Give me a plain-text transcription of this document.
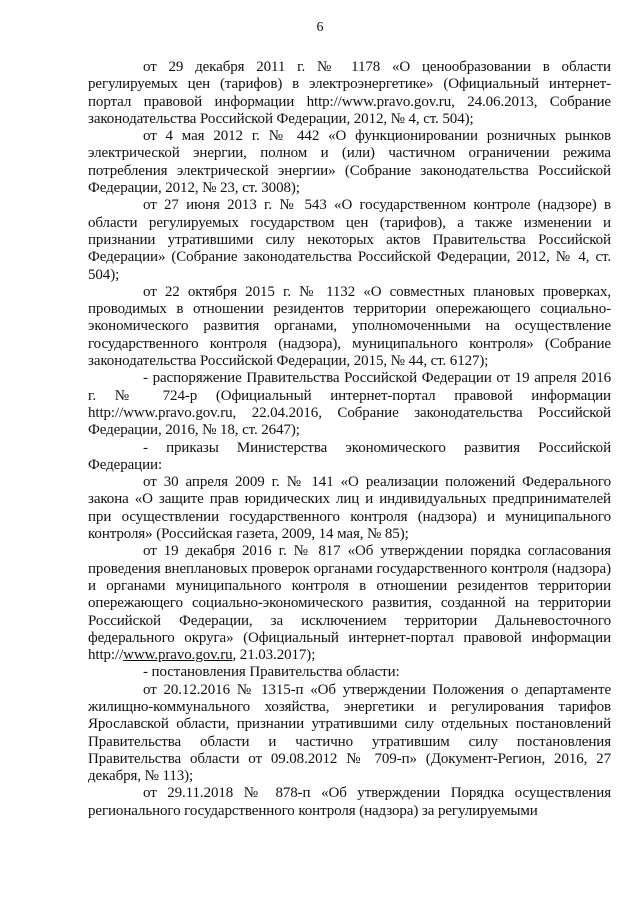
6

от 29 декабря 2011 г. № 1178 «О ценообразовании в области регулируемых цен (тарифов) в электроэнергетике» (Официальный интернет-портал правовой информации http://www.pravo.gov.ru, 24.06.2013, Собрание законодательства Российской Федерации, 2012, № 4, ст. 504);

от 4 мая 2012 г. № 442 «О функционировании розничных рынков электрической энергии, полном и (или) частичном ограничении режима потребления электрической энергии» (Собрание законодательства Российской Федерации, 2012, № 23, ст. 3008);

от 27 июня 2013 г. № 543 «О государственном контроле (надзоре) в области регулируемых государством цен (тарифов), а также изменении и признании утратившими силу некоторых актов Правительства Российской Федерации» (Собрание законодательства Российской Федерации, 2012, № 4, ст. 504);

от 22 октября 2015 г. № 1132 «О совместных плановых проверках, проводимых в отношении резидентов территории опережающего социально-экономического развития органами, уполномоченными на осуществление государственного контроля (надзора), муниципального контроля» (Собрание законодательства Российской Федерации, 2015, № 44, ст. 6127);

- распоряжение Правительства Российской Федерации от 19 апреля 2016 г. № 724-р (Официальный интернет-портал правовой информации http://www.pravo.gov.ru, 22.04.2016, Собрание законодательства Российской Федерации, 2016, № 18, ст. 2647);

- приказы Министерства экономического развития Российской Федерации:

от 30 апреля 2009 г. № 141 «О реализации положений Федерального закона «О защите прав юридических лиц и индивидуальных предпринимателей при осуществлении государственного контроля (надзора) и муниципального контроля» (Российская газета, 2009, 14 мая, № 85);

от 19 декабря 2016 г. № 817 «Об утверждении порядка согласования проведения внеплановых проверок органами государственного контроля (надзора) и органами муниципального контроля в отношении резидентов территории опережающего социально-экономического развития, созданной на территории Российской Федерации, за исключением территории Дальневосточного федерального округа» (Официальный интернет-портал правовой информации http://www.pravo.gov.ru, 21.03.2017);

- постановления Правительства области:

от 20.12.2016 № 1315-п «Об утверждении Положения о департаменте жилищно-коммунального хозяйства, энергетики и регулирования тарифов Ярославской области, признании утратившими силу отдельных постановлений Правительства области и частично утратившим силу постановления Правительства области от 09.08.2012 № 709-п» (Документ-Регион, 2016, 27 декабря, № 113);

от 29.11.2018 № 878-п «Об утверждении Порядка осуществления регионального государственного контроля (надзора) за регулируемыми
